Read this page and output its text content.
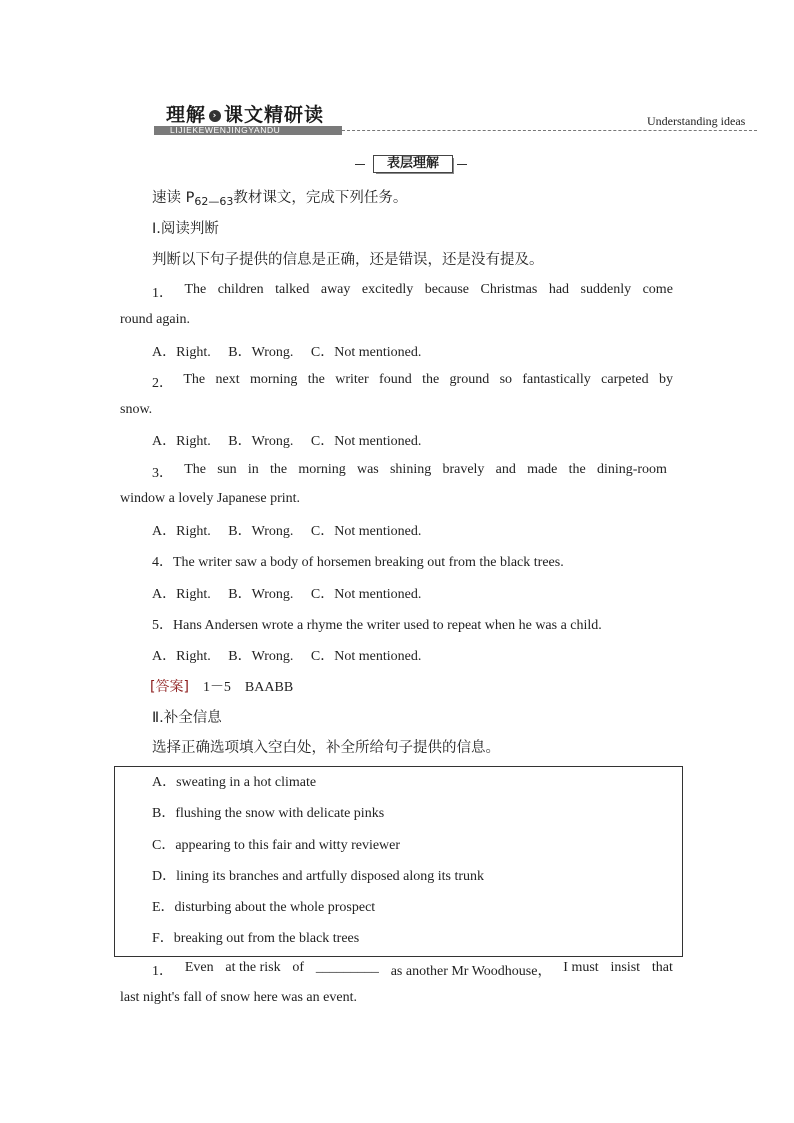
理解 › 课文精研读
LIJIEKEWENJINGYANDU
Understanding ideas
表层理解
速读 $P_{62—63}$教材课文，完成下列任务。
Ⅰ.阅读判断
判断以下句子提供的信息是正确，还是错误，还是没有提及。
1． The children talked away excitedly because Christmas had suddenly come
round again.
A．Right.　 B．Wrong.　 C．Not mentioned.
2． The next morning the writer found the ground so fantastically carpeted by
snow.
A．Right.　 B．Wrong.　 C．Not mentioned.
3． The sun in the morning was shining bravely and made the dining-room
window a lovely Japanese print.
A．Right.　 B．Wrong.　 C．Not mentioned.
4．The writer saw a body of horsemen breaking out from the black trees.
A．Right.　 B．Wrong.　 C．Not mentioned.
5．Hans Andersen wrote a rhyme the writer used to repeat when he was a child.
A．Right.　 B．Wrong.　 C．Not mentioned.
[答案] 1－5　BAABB
Ⅱ.补全信息
选择正确选项填入空白处，补全所给句子提供的信息。
A．sweating in a hot climate
B．flushing the snow with delicate pinks
C．appearing to this fair and witty reviewer
D．lining its branches and artfully disposed along its trunk
E．disturbing about the whole prospect
F．breaking out from the black trees
1． Even at the risk of _________ as another Mr Woodhouse， I must insist that
last night's fall of snow here was an event.
